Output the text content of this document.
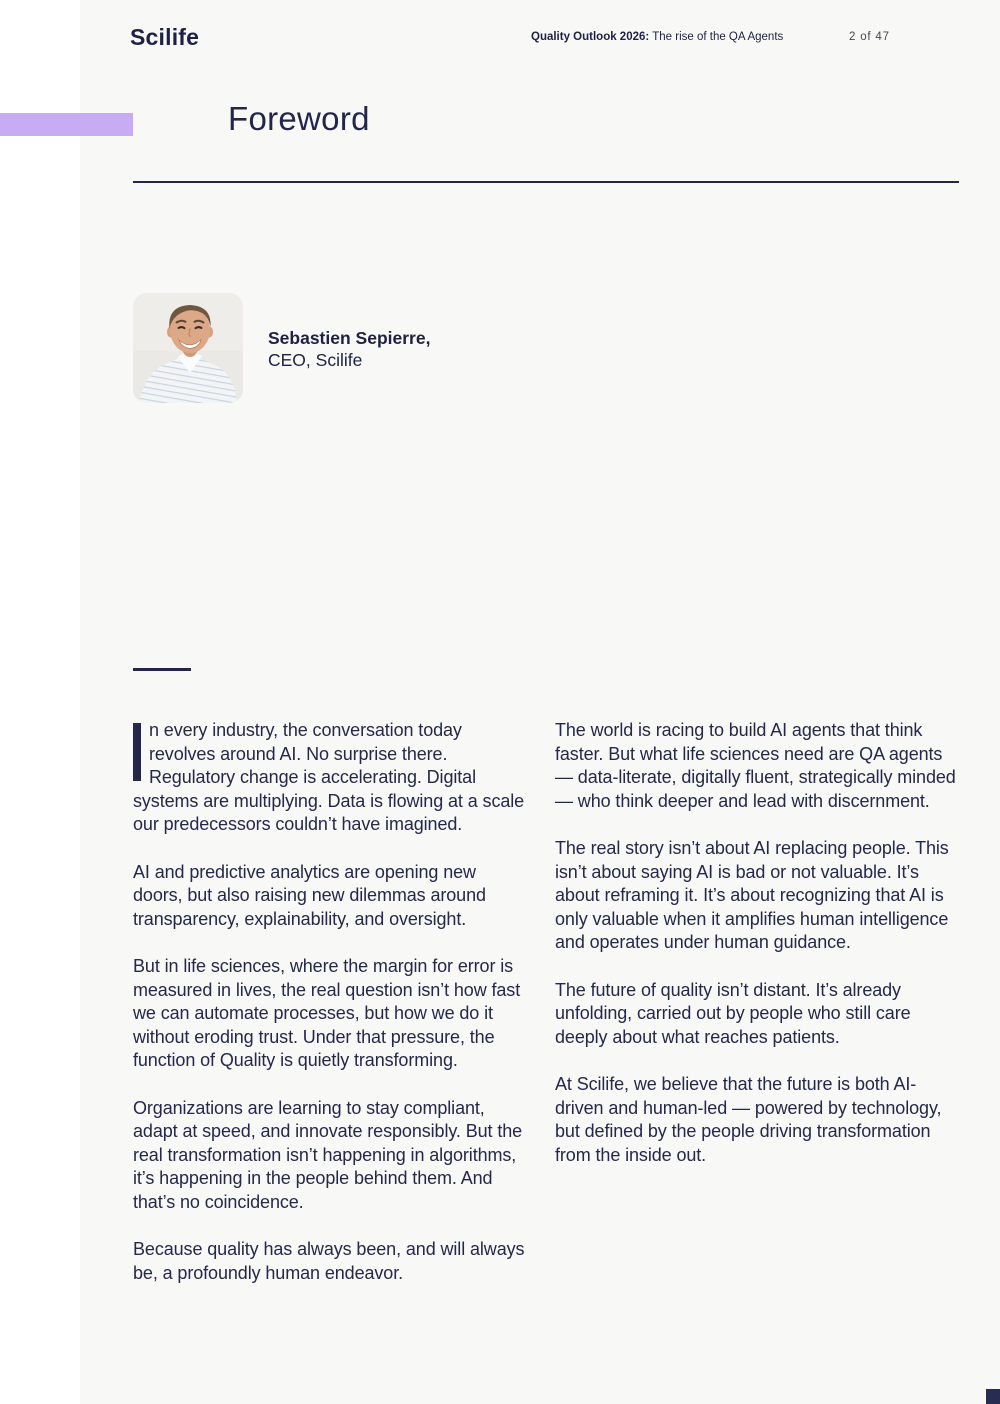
Scilife	Quality Outlook 2026: The rise of the QA Agents	2 of 47
Foreword
Sebastien Sepierre,
CEO, Scilife

n every industry, the conversation today revolves around AI. No surprise there. Regulatory change is accelerating. Digital systems are multiplying. Data is flowing at a scale our predecessors couldn’t have imagined.

AI and predictive analytics are opening new doors, but also raising new dilemmas around transparency, explainability, and oversight.

But in life sciences, where the margin for error is measured in lives, the real question isn’t how fast we can automate processes, but how we do it without eroding trust. Under that pressure, the function of Quality is quietly transforming.

Organizations are learning to stay compliant, adapt at speed, and innovate responsibly. But the real transformation isn’t happening in algorithms, it’s happening in the people behind them. And that’s no coincidence.

Because quality has always been, and will always be, a profoundly human endeavor.

The world is racing to build AI agents that think faster. But what life sciences need are QA agents — data-literate, digitally fluent, strategically minded — who think deeper and lead with discernment.

The real story isn’t about AI replacing people. This isn’t about saying AI is bad or not valuable. It’s about reframing it. It’s about recognizing that AI is only valuable when it amplifies human intelligence and operates under human guidance.

The future of quality isn’t distant. It’s already unfolding, carried out by people who still care deeply about what reaches patients.

At Scilife, we believe that the future is both AI-driven and human-led — powered by technology, but defined by the people driving transformation from the inside out.
